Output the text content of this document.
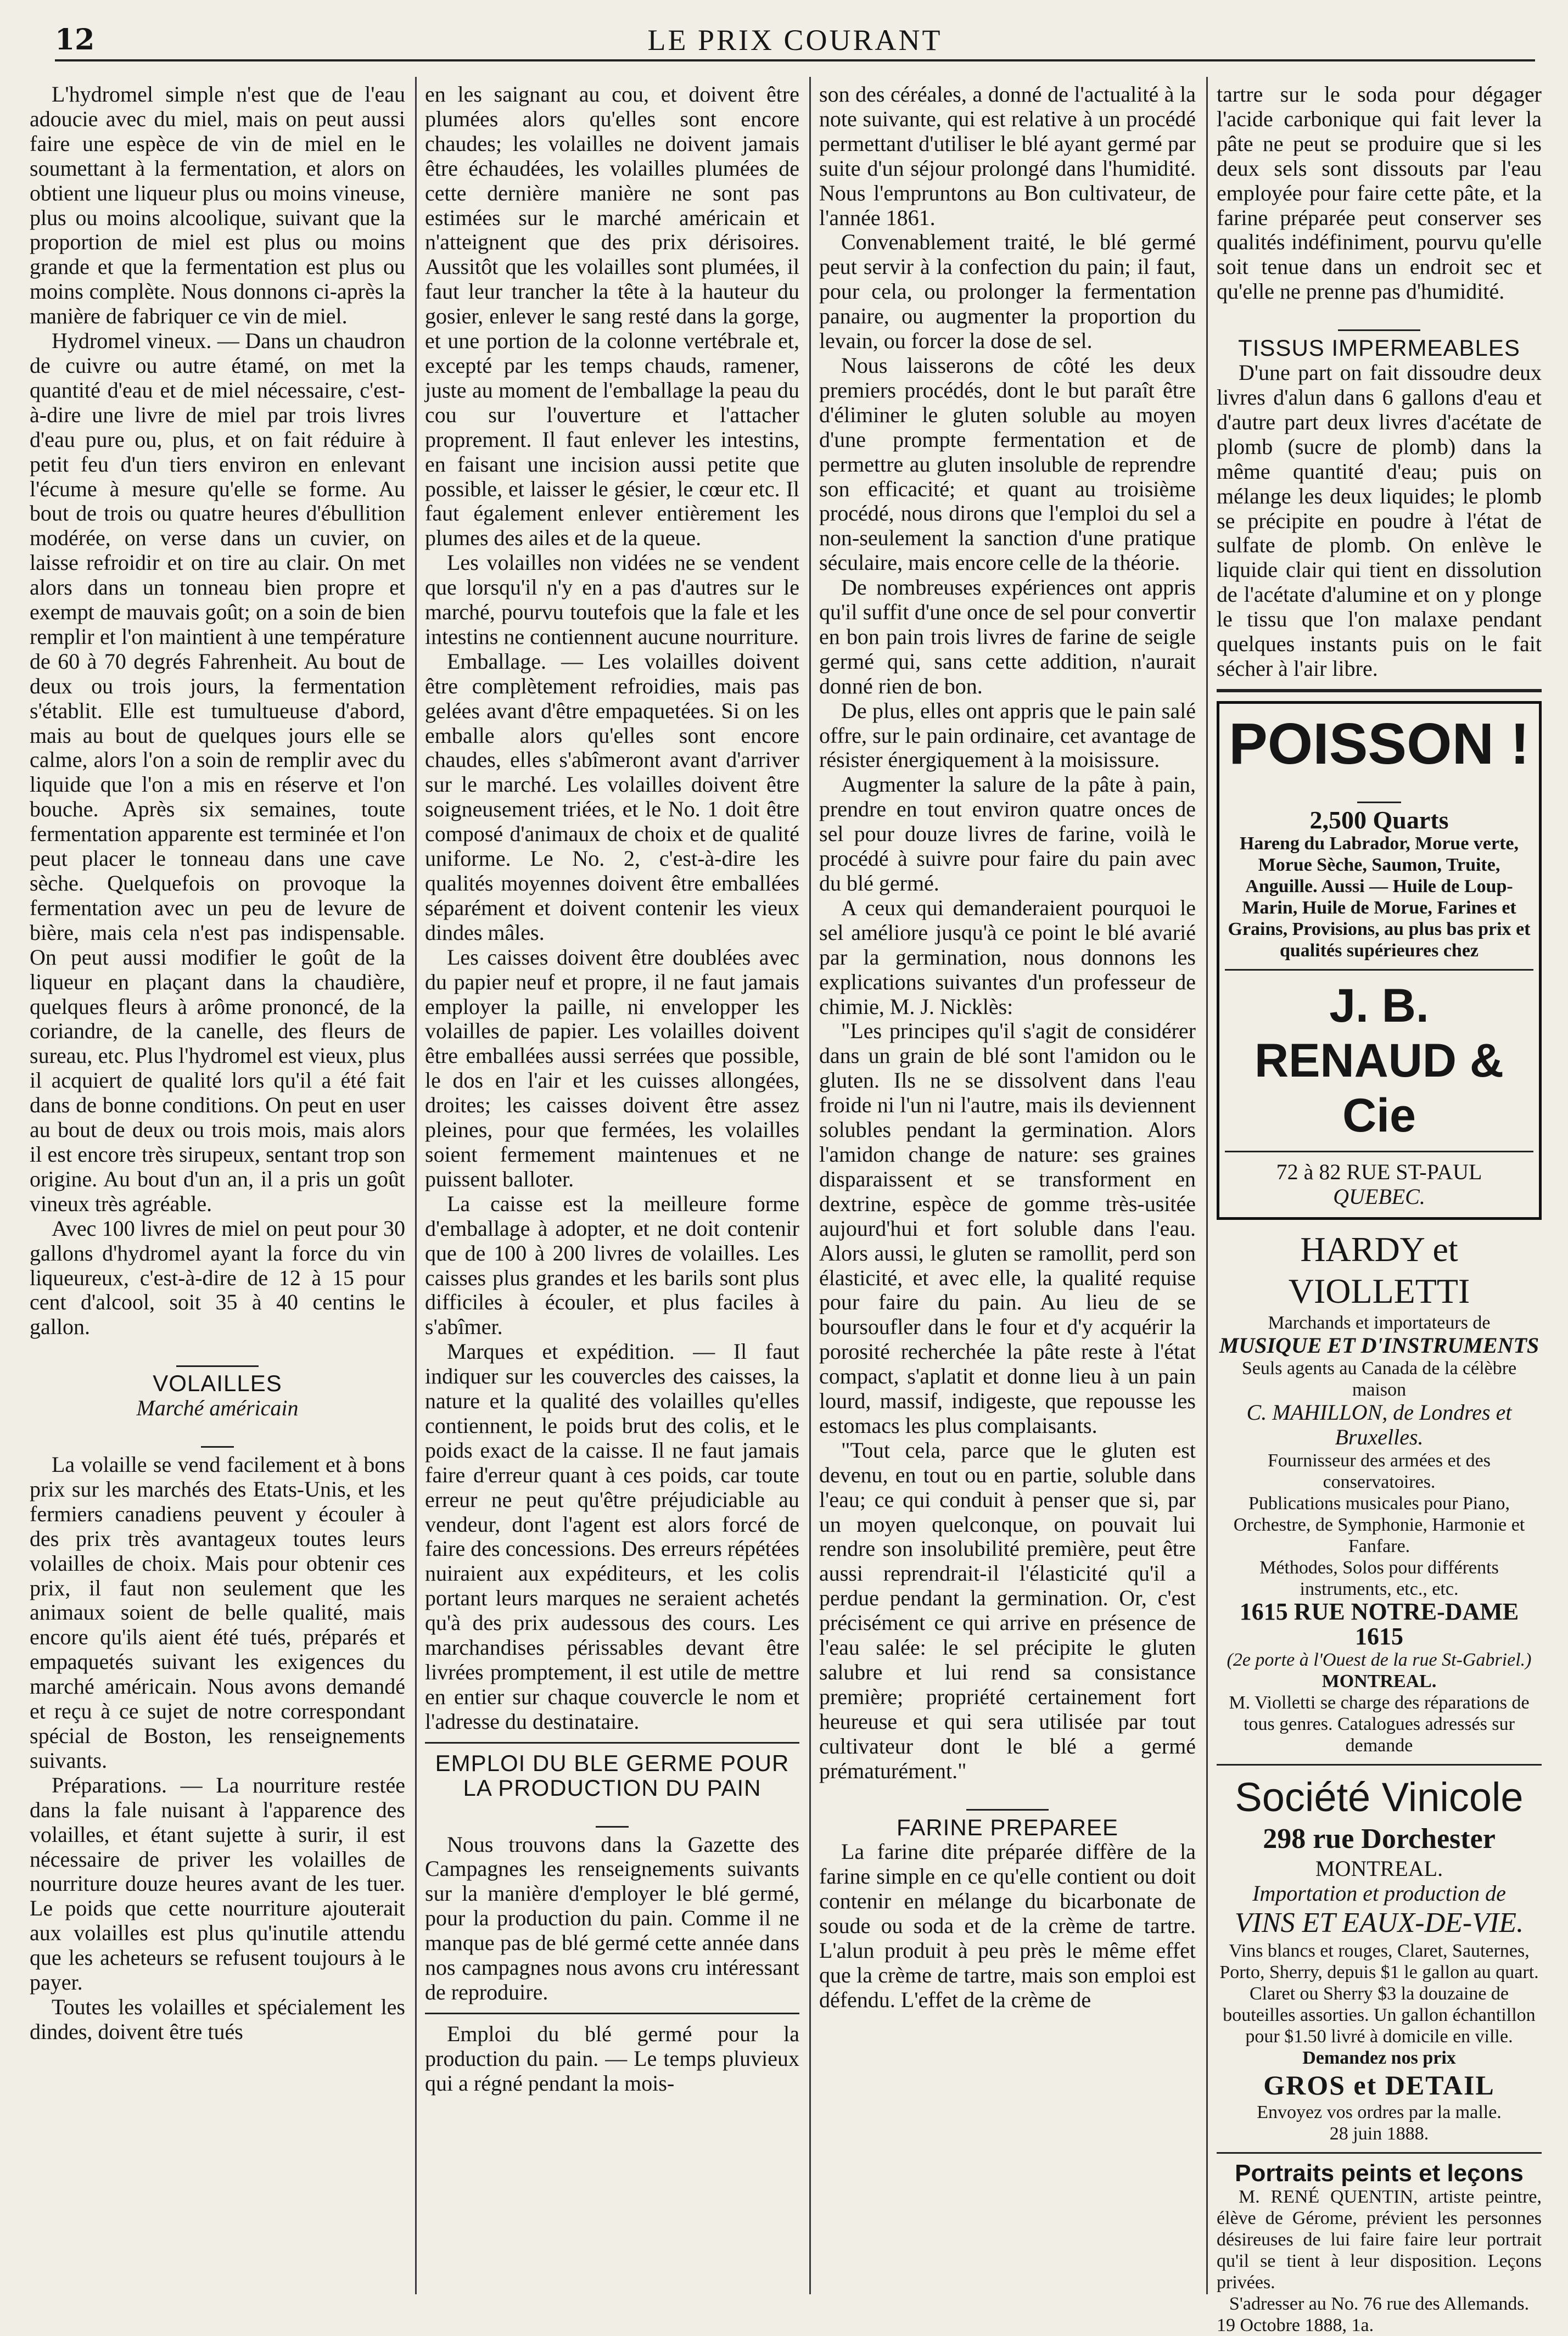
12	LE PRIX COURANT

L'hydromel simple n'est que de l'eau adoucie avec du miel, mais on peut aussi faire une espèce de vin de miel en le soumettant à la fermentation, et alors on obtient une liqueur plus ou moins vineuse, plus ou moins alcoolique, suivant que la proportion de miel est plus ou moins grande et que la fermentation est plus ou moins complète. Nous donnons ci-après la manière de fabriquer ce vin de miel.

Hydromel vineux. — Dans un chaudron de cuivre ou autre étamé, on met la quantité d'eau et de miel nécessaire, c'est-à-dire une livre de miel par trois livres d'eau pure ou, plus, et on fait réduire à petit feu d'un tiers environ en enlevant l'écume à mesure qu'elle se forme. Au bout de trois ou quatre heures d'ébullition modérée, on verse dans un cuvier, on laisse refroidir et on tire au clair. On met alors dans un tonneau bien propre et exempt de mauvais goût; on a soin de bien remplir et l'on maintient à une température de 60 à 70 degrés Fahrenheit. Au bout de deux ou trois jours, la fermentation s'établit. Elle est tumultueuse d'abord, mais au bout de quelques jours elle se calme, alors l'on a soin de remplir avec du liquide que l'on a mis en réserve et l'on bouche. Après six semaines, toute fermentation apparente est terminée et l'on peut placer le tonneau dans une cave sèche. Quelquefois on provoque la fermentation avec un peu de levure de bière, mais cela n'est pas indispensable. On peut aussi modifier le goût de la liqueur en plaçant dans la chaudière, quelques fleurs à arôme prononcé, de la coriandre, de la canelle, des fleurs de sureau, etc. Plus l'hydromel est vieux, plus il acquiert de qualité lors qu'il a été fait dans de bonne conditions. On peut en user au bout de deux ou trois mois, mais alors il est encore très sirupeux, sentant trop son origine. Au bout d'un an, il a pris un goût vineux très agréable.

Avec 100 livres de miel on peut pour 30 gallons d'hydromel ayant la force du vin liqueureux, c'est-à-dire de 12 à 15 pour cent d'alcool, soit 35 à 40 centins le gallon.

VOLAILLES

Marché américain

La volaille se vend facilement et à bons prix sur les marchés des Etats-Unis, et les fermiers canadiens peuvent y écouler à des prix très avantageux toutes leurs volailles de choix. Mais pour obtenir ces prix, il faut non seulement que les animaux soient de belle qualité, mais encore qu'ils aient été tués, préparés et empaquetés suivant les exigences du marché américain. Nous avons demandé et reçu à ce sujet de notre correspondant spécial de Boston, les renseignements suivants.

Préparations. — La nourriture restée dans la fale nuisant à l'apparence des volailles, et étant sujette à surir, il est nécessaire de priver les volailles de nourriture douze heures avant de les tuer. Le poids que cette nourriture ajouterait aux volailles est plus qu'inutile attendu que les acheteurs se refusent toujours à le payer.

Toutes les volailles et spécialement les dindes, doivent être tués

en les saignant au cou, et doivent être plumées alors qu'elles sont encore chaudes; les volailles ne doivent jamais être échaudées, les volailles plumées de cette dernière manière ne sont pas estimées sur le marché américain et n'atteignent que des prix dérisoires. Aussitôt que les volailles sont plumées, il faut leur trancher la tête à la hauteur du gosier, enlever le sang resté dans la gorge, et une portion de la colonne vertébrale et, excepté par les temps chauds, ramener, juste au moment de l'emballage la peau du cou sur l'ouverture et l'attacher proprement. Il faut enlever les intestins, en faisant une incision aussi petite que possible, et laisser le gésier, le cœur etc. Il faut également enlever entièrement les plumes des ailes et de la queue.

Les volailles non vidées ne se vendent que lorsqu'il n'y en a pas d'autres sur le marché, pourvu toutefois que la fale et les intestins ne contiennent aucune nourriture.

Emballage. — Les volailles doivent être complètement refroidies, mais pas gelées avant d'être empaquetées. Si on les emballe alors qu'elles sont encore chaudes, elles s'abîmeront avant d'arriver sur le marché. Les volailles doivent être soigneusement triées, et le No. 1 doit être composé d'animaux de choix et de qualité uniforme. Le No. 2, c'est-à-dire les qualités moyennes doivent être emballées séparément et doivent contenir les vieux dindes mâles.

Les caisses doivent être doublées avec du papier neuf et propre, il ne faut jamais employer la paille, ni envelopper les volailles de papier. Les volailles doivent être emballées aussi serrées que possible, le dos en l'air et les cuisses allongées, droites; les caisses doivent être assez pleines, pour que fermées, les volailles soient fermement maintenues et ne puissent balloter.

La caisse est la meilleure forme d'emballage à adopter, et ne doit contenir que de 100 à 200 livres de volailles. Les caisses plus grandes et les barils sont plus difficiles à écouler, et plus faciles à s'abîmer.

Marques et expédition. — Il faut indiquer sur les couvercles des caisses, la nature et la qualité des volailles qu'elles contiennent, le poids brut des colis, et le poids exact de la caisse. Il ne faut jamais faire d'erreur quant à ces poids, car toute erreur ne peut qu'être préjudiciable au vendeur, dont l'agent est alors forcé de faire des concessions. Des erreurs répétées nuiraient aux expéditeurs, et les colis portant leurs marques ne seraient achetés qu'à des prix audessous des cours. Les marchandises périssables devant être livrées promptement, il est utile de mettre en entier sur chaque couvercle le nom et l'adresse du destinataire.

EMPLOI DU BLE GERME POUR LA PRODUCTION DU PAIN

Nous trouvons dans la Gazette des Campagnes les renseignements suivants sur la manière d'employer le blé germé, pour la production du pain. Comme il ne manque pas de blé germé cette année dans nos campagnes nous avons cru intéressant de reproduire.

Emploi du blé germé pour la production du pain. — Le temps pluvieux qui a régné pendant la mois-

son des céréales, a donné de l'actualité à la note suivante, qui est relative à un procédé permettant d'utiliser le blé ayant germé par suite d'un séjour prolongé dans l'humidité. Nous l'empruntons au Bon cultivateur, de l'année 1861.

Convenablement traité, le blé germé peut servir à la confection du pain; il faut, pour cela, ou prolonger la fermentation panaire, ou augmenter la proportion du levain, ou forcer la dose de sel.

Nous laisserons de côté les deux premiers procédés, dont le but paraît être d'éliminer le gluten soluble au moyen d'une prompte fermentation et de permettre au gluten insoluble de reprendre son efficacité; et quant au troisième procédé, nous dirons que l'emploi du sel a non-seulement la sanction d'une pratique séculaire, mais encore celle de la théorie.

De nombreuses expériences ont appris qu'il suffit d'une once de sel pour convertir en bon pain trois livres de farine de seigle germé qui, sans cette addition, n'aurait donné rien de bon.

De plus, elles ont appris que le pain salé offre, sur le pain ordinaire, cet avantage de résister énergiquement à la moisissure.

Augmenter la salure de la pâte à pain, prendre en tout environ quatre onces de sel pour douze livres de farine, voilà le procédé à suivre pour faire du pain avec du blé germé.

A ceux qui demanderaient pourquoi le sel améliore jusqu'à ce point le blé avarié par la germination, nous donnons les explications suivantes d'un professeur de chimie, M. J. Nicklès:

"Les principes qu'il s'agit de considérer dans un grain de blé sont l'amidon ou le gluten. Ils ne se dissolvent dans l'eau froide ni l'un ni l'autre, mais ils deviennent solubles pendant la germination. Alors l'amidon change de nature: ses graines disparaissent et se transforment en dextrine, espèce de gomme très-usitée aujourd'hui et fort soluble dans l'eau. Alors aussi, le gluten se ramollit, perd son élasticité, et avec elle, la qualité requise pour faire du pain. Au lieu de se boursoufler dans le four et d'y acquérir la porosité recherchée la pâte reste à l'état compact, s'aplatit et donne lieu à un pain lourd, massif, indigeste, que repousse les estomacs les plus complaisants.

"Tout cela, parce que le gluten est devenu, en tout ou en partie, soluble dans l'eau; ce qui conduit à penser que si, par un moyen quelconque, on pouvait lui rendre son insolubilité première, peut être aussi reprendrait-il l'élasticité qu'il a perdue pendant la germination. Or, c'est précisément ce qui arrive en présence de l'eau salée: le sel précipite le gluten salubre et lui rend sa consistance première; propriété certainement fort heureuse et qui sera utilisée par tout cultivateur dont le blé a germé prématurément."

FARINE PREPAREE

La farine dite préparée diffère de la farine simple en ce qu'elle contient ou doit contenir en mélange du bicarbonate de soude ou soda et de la crème de tartre. L'alun produit à peu près le même effet que la crème de tartre, mais son emploi est défendu. L'effet de la crème de

tartre sur le soda pour dégager l'acide carbonique qui fait lever la pâte ne peut se produire que si les deux sels sont dissouts par l'eau employée pour faire cette pâte, et la farine préparée peut conserver ses qualités indéfiniment, pourvu qu'elle soit tenue dans un endroit sec et qu'elle ne prenne pas d'humidité.

TISSUS IMPERMEABLES

D'une part on fait dissoudre deux livres d'alun dans 6 gallons d'eau et d'autre part deux livres d'acétate de plomb (sucre de plomb) dans la même quantité d'eau; puis on mélange les deux liquides; le plomb se précipite en poudre à l'état de sulfate de plomb. On enlève le liquide clair qui tient en dissolution de l'acétate d'alumine et on y plonge le tissu que l'on malaxe pendant quelques instants puis on le fait sécher à l'air libre.

POISSON !

2,500 Quarts

Hareng du Labrador, Morue verte, Morue Sèche, Saumon, Truite, Anguille. Aussi — Huile de Loup-Marin, Huile de Morue, Farines et Grains, Provisions, au plus bas prix et qualités supérieures chez

J. B. RENAUD & Cie

72 à 82 RUE ST-PAUL

QUEBEC.

HARDY et VIOLLETTI

Marchands et importateurs de

MUSIQUE ET D'INSTRUMENTS

Seuls agents au Canada de la célèbre maison

C. MAHILLON, de Londres et Bruxelles.

Fournisseur des armées et des conservatoires.

Publications musicales pour Piano, Orchestre, de Symphonie, Harmonie et Fanfare.

Méthodes, Solos pour différents instruments, etc., etc.

1615 RUE NOTRE-DAME 1615

(2e porte à l'Ouest de la rue St-Gabriel.)

MONTREAL.

M. Violletti se charge des réparations de tous genres. Catalogues adressés sur demande

Société Vinicole

298 rue Dorchester

MONTREAL.

Importation et production de

VINS ET EAUX-DE-VIE.

Vins blancs et rouges, Claret, Sauternes, Porto, Sherry, depuis $1 le gallon au quart. Claret ou Sherry $3 la douzaine de bouteilles assorties. Un gallon échantillon pour $1.50 livré à domicile en ville.

Demandez nos prix

GROS et DETAIL

Envoyez vos ordres par la malle.

28 juin 1888.

Portraits peints et leçons

M. RENÉ QUENTIN, artiste peintre, élève de Gérome, prévient les personnes désireuses de lui faire faire leur portrait qu'il se tient à leur disposition. Leçons privées.

S'adresser au No. 76 rue des Allemands.

19 Octobre 1888, 1a.
